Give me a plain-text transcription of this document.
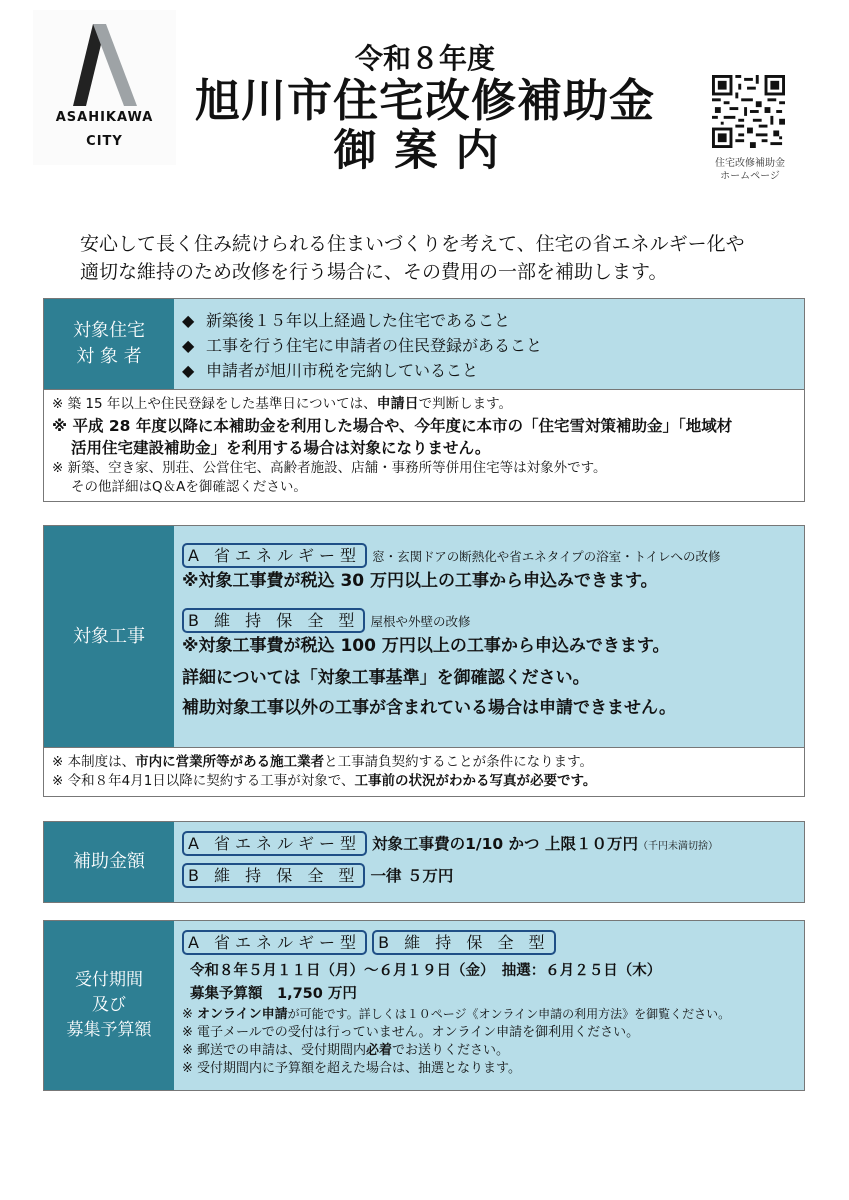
ASAHIKAWA
CITY
令和８年度
旭川市住宅改修補助金
御案内	住宅改修補助金
ホームページ
安心して長く住み続けられる住まいづくりを考えて、住宅の省エネルギー化や
適切な維持のため改修を行う場合に、その費用の一部を補助します。
対象住宅
対 象 者
◆ 新築後１５年以上経過した住宅であること
◆ 工事を行う住宅に申請者の住民登録があること
◆ 申請者が旭川市税を完納していること
※ 築 15 年以上や住民登録をした基準日については、申請日で判断します。
※ 平成 28 年度以降に本補助金を利用した場合や、今年度に本市の「住宅雪対策補助金」「地域材
活用住宅建設補助金」を利用する場合は対象になりません。
※ 新築、空き家、別荘、公営住宅、高齢者施設、店舗・事務所等併用住宅等は対象外です。
その他詳細はQ＆Aを御確認ください。
対象工事
A 省エネルギー型 窓・玄関ドアの断熱化や省エネタイプの浴室・トイレへの改修
※対象工事費が税込 30 万円以上の工事から申込みできます。
B 維 持 保 全 型 屋根や外壁の改修
※対象工事費が税込 100 万円以上の工事から申込みできます。
詳細については「対象工事基準」を御確認ください。
補助対象工事以外の工事が含まれている場合は申請できません。
※ 本制度は、市内に営業所等がある施工業者と工事請負契約することが条件になります。
※ 令和８年4月1日以降に契約する工事が対象で、工事前の状況がわかる写真が必要です。
補助金額
A 省エネルギー型 対象工事費の1/10 かつ 上限１０万円（千円未満切捨）
B 維 持 保 全 型 一律 ５万円
受付期間
及び
募集予算額
A 省エネルギー型 B 維 持 保 全 型
令和８年５月１１日（月）～６月１９日（金）　抽選：６月２５日（木）
募集予算額　1,750 万円
※ オンライン申請が可能です。詳しくは１０ページ《オンライン申請の利用方法》を御覧ください。
※ 電子メールでの受付は行っていません。オンライン申請を御利用ください。
※ 郵送での申請は、受付期間内必着でお送りください。
※ 受付期間内に予算額を超えた場合は、抽選となります。
